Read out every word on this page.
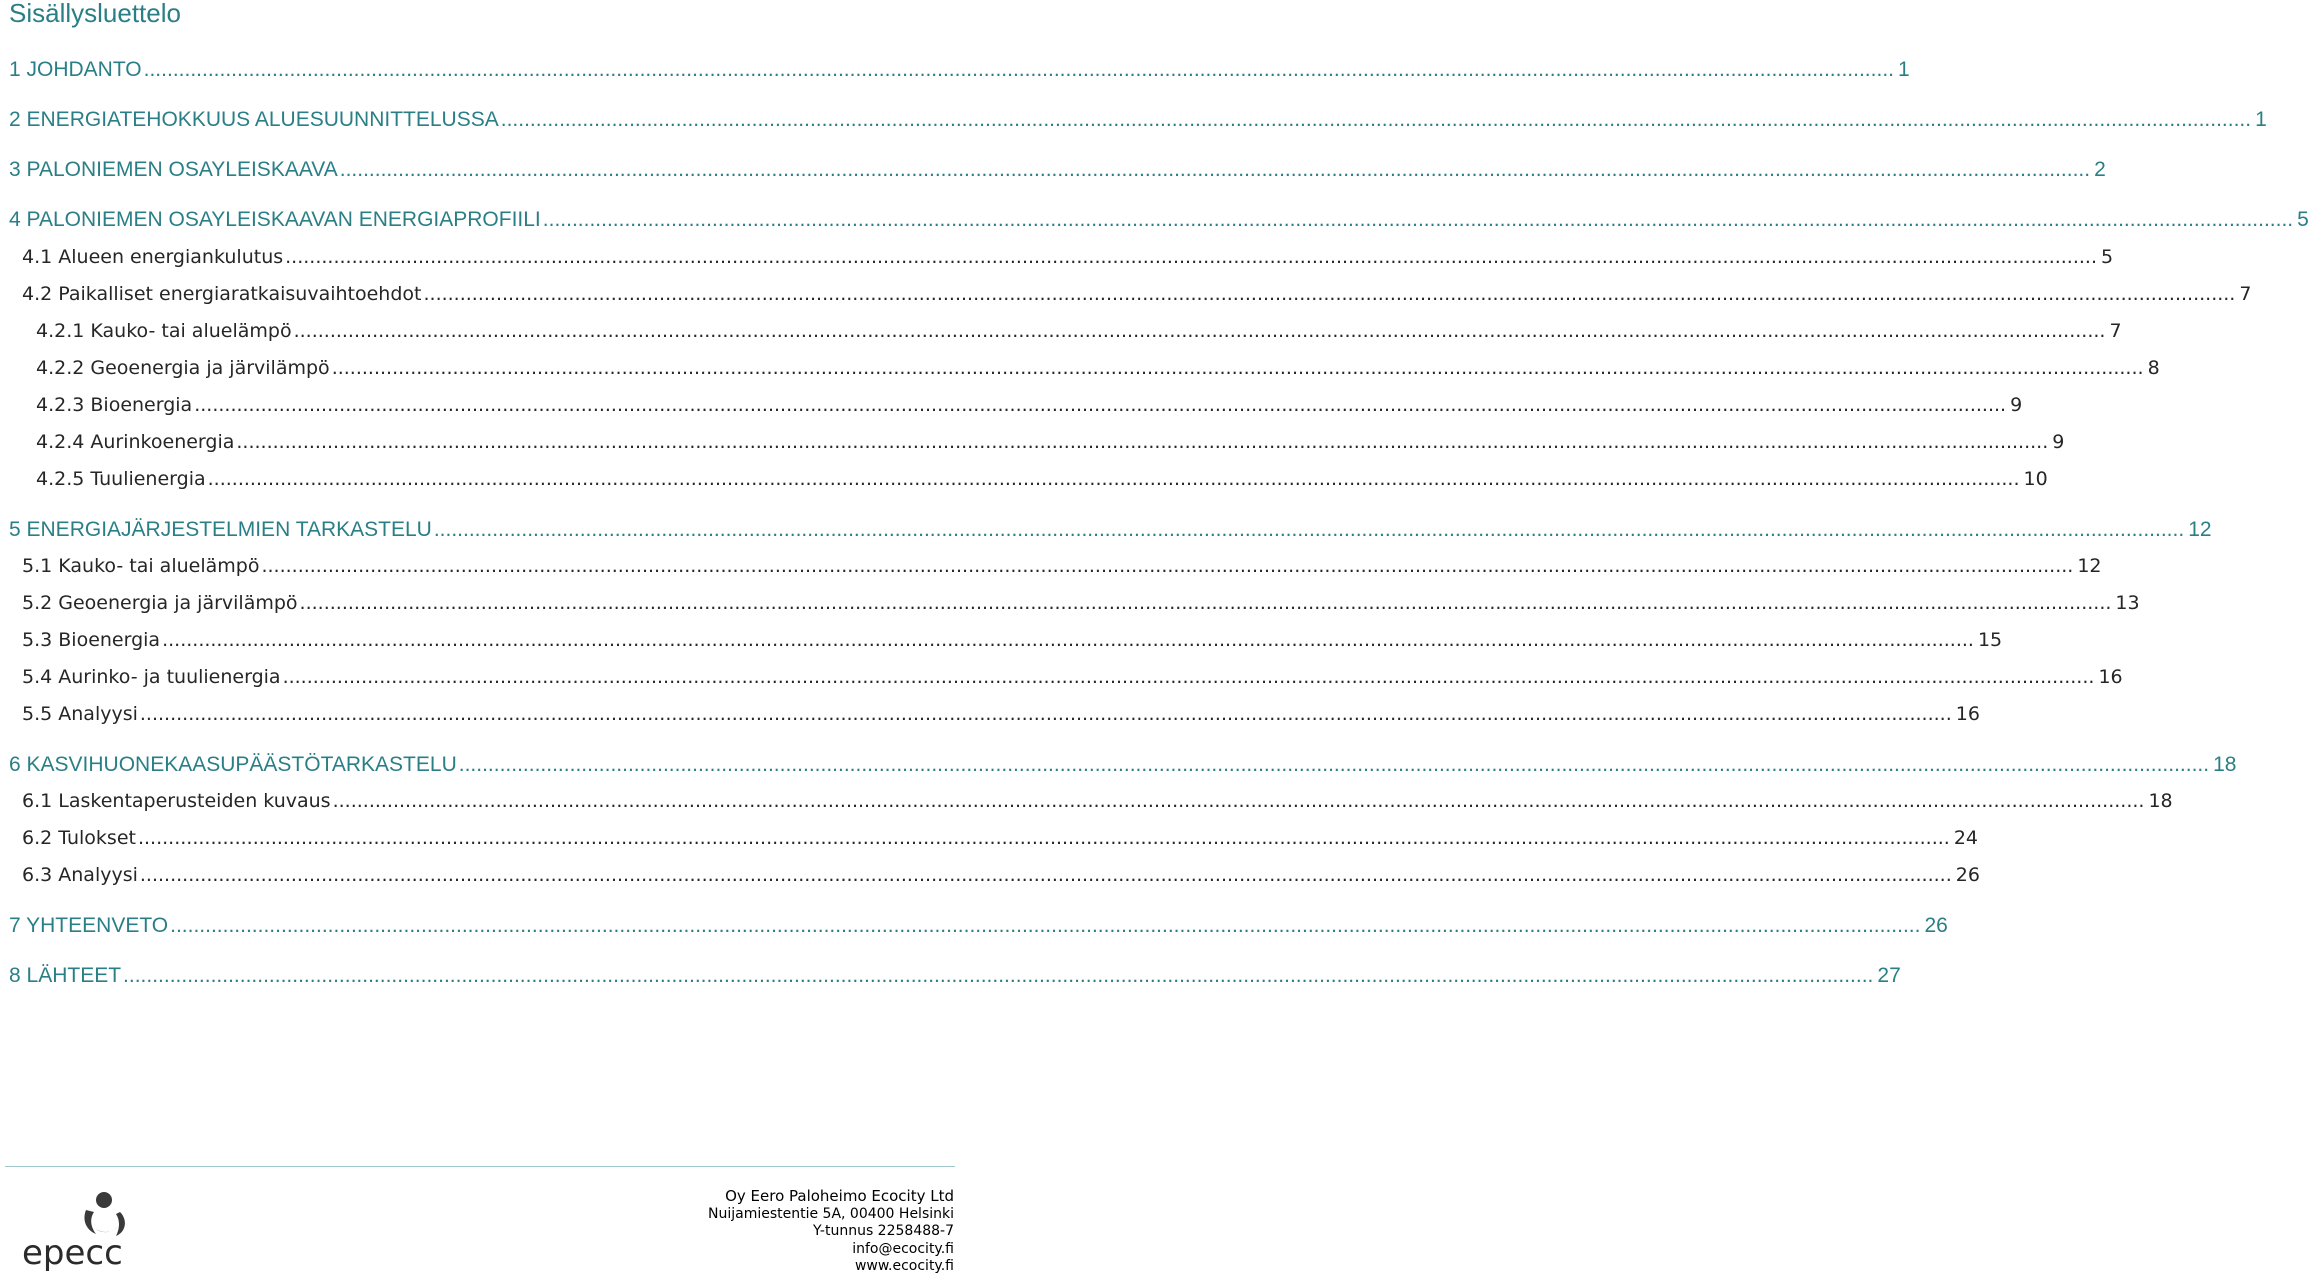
Sisällysluettelo
1 JOHDANTO ............................................................................................................................................................................................................................................................................................................ 1
2 ENERGIATEHOKKUUS ALUESUUNNITTELUSSA ............................................................................................................................................................................................................................................................................................................ 1
3 PALONIEMEN OSAYLEISKAAVA ............................................................................................................................................................................................................................................................................................................ 2
4 PALONIEMEN OSAYLEISKAAVAN ENERGIAPROFIILI ............................................................................................................................................................................................................................................................................................................ 5
4.1 Alueen energiankulutus ............................................................................................................................................................................................................................................................................................................ 5
4.2 Paikalliset energiaratkaisuvaihtoehdot ............................................................................................................................................................................................................................................................................................................ 7
4.2.1 Kauko- tai aluelämpö ............................................................................................................................................................................................................................................................................................................ 7
4.2.2 Geoenergia ja järvilämpö ............................................................................................................................................................................................................................................................................................................ 8
4.2.3 Bioenergia ............................................................................................................................................................................................................................................................................................................ 9
4.2.4 Aurinkoenergia ............................................................................................................................................................................................................................................................................................................ 9
4.2.5 Tuulienergia ............................................................................................................................................................................................................................................................................................................ 10
5 ENERGIAJÄRJESTELMIEN TARKASTELU ............................................................................................................................................................................................................................................................................................................ 12
5.1 Kauko- tai aluelämpö ............................................................................................................................................................................................................................................................................................................ 12
5.2 Geoenergia ja järvilämpö ............................................................................................................................................................................................................................................................................................................ 13
5.3 Bioenergia ............................................................................................................................................................................................................................................................................................................ 15
5.4 Aurinko- ja tuulienergia ............................................................................................................................................................................................................................................................................................................ 16
5.5 Analyysi ............................................................................................................................................................................................................................................................................................................ 16
6 KASVIHUONEKAASUPÄÄSTÖTARKASTELU ............................................................................................................................................................................................................................................................................................................ 18
6.1 Laskentaperusteiden kuvaus ............................................................................................................................................................................................................................................................................................................ 18
6.2 Tulokset ............................................................................................................................................................................................................................................................................................................ 24
6.3 Analyysi ............................................................................................................................................................................................................................................................................................................ 26
7 YHTEENVETO ............................................................................................................................................................................................................................................................................................................ 26
8 LÄHTEET ............................................................................................................................................................................................................................................................................................................ 27
epecc
Oy Eero Paloheimo Ecocity Ltd
Nuijamiestentie 5A, 00400 Helsinki
Y-tunnus 2258488-7
info@ecocity.fi
www.ecocity.fi
